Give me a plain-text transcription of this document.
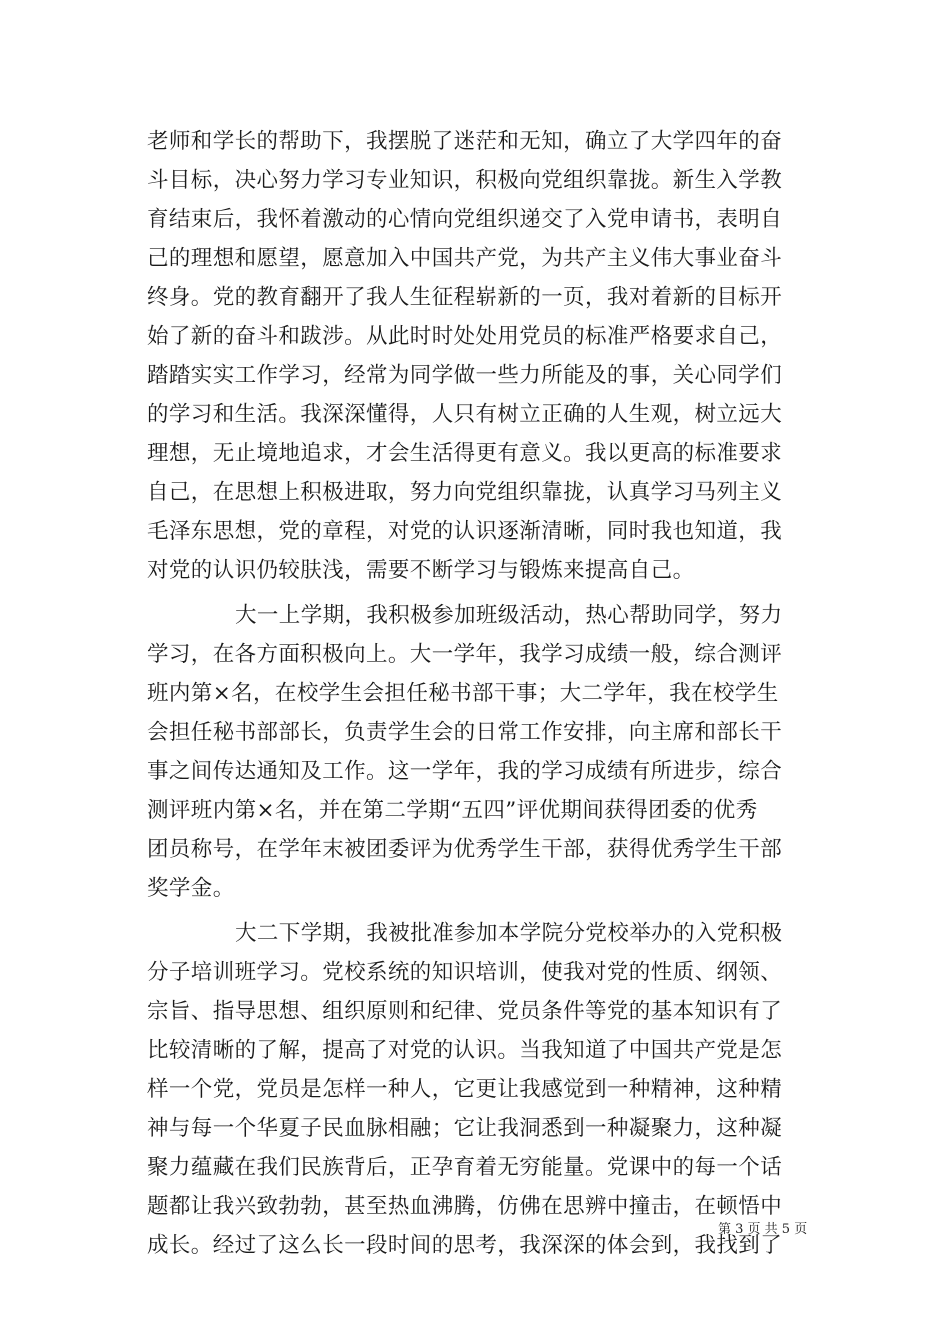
老师和学长的帮助下，我摆脱了迷茫和无知，确立了大学四年的奋
斗目标，决心努力学习专业知识，积极向党组织靠拢。新生入学教
育结束后，我怀着激动的心情向党组织递交了入党申请书，表明自
己的理想和愿望，愿意加入中国共产党，为共产主义伟大事业奋斗
终身。党的教育翻开了我人生征程崭新的一页，我对着新的目标开
始了新的奋斗和跋涉。从此时时处处用党员的标准严格要求自己，
踏踏实实工作学习，经常为同学做一些力所能及的事，关心同学们
的学习和生活。我深深懂得，人只有树立正确的人生观，树立远大
理想，无止境地追求，才会生活得更有意义。我以更高的标准要求
自己，在思想上积极进取，努力向党组织靠拢，认真学习马列主义
毛泽东思想，党的章程，对党的认识逐渐清晰，同时我也知道，我
对党的认识仍较肤浅，需要不断学习与锻炼来提高自己。
大一上学期，我积极参加班级活动，热心帮助同学，努力
学习，在各方面积极向上。大一学年，我学习成绩一般，综合测评
班内第×名，在校学生会担任秘书部干事；大二学年，我在校学生
会担任秘书部部长，负责学生会的日常工作安排，向主席和部长干
事之间传达通知及工作。这一学年，我的学习成绩有所进步，综合
测评班内第×名，并在第二学期“五四”评优期间获得团委的优秀
团员称号，在学年末被团委评为优秀学生干部，获得优秀学生干部
奖学金。
大二下学期，我被批准参加本学院分党校举办的入党积极
分子培训班学习。党校系统的知识培训，使我对党的性质、纲领、
宗旨、指导思想、组织原则和纪律、党员条件等党的基本知识有了
比较清晰的了解，提高了对党的认识。当我知道了中国共产党是怎
样一个党，党员是怎样一种人，它更让我感觉到一种精神，这种精
神与每一个华夏子民血脉相融；它让我洞悉到一种凝聚力，这种凝
聚力蕴藏在我们民族背后，正孕育着无穷能量。党课中的每一个话
题都让我兴致勃勃，甚至热血沸腾，仿佛在思辨中撞击，在顿悟中
成长。经过了这么长一段时间的思考，我深深的体会到，我找到了
第 3 页 共 5 页
